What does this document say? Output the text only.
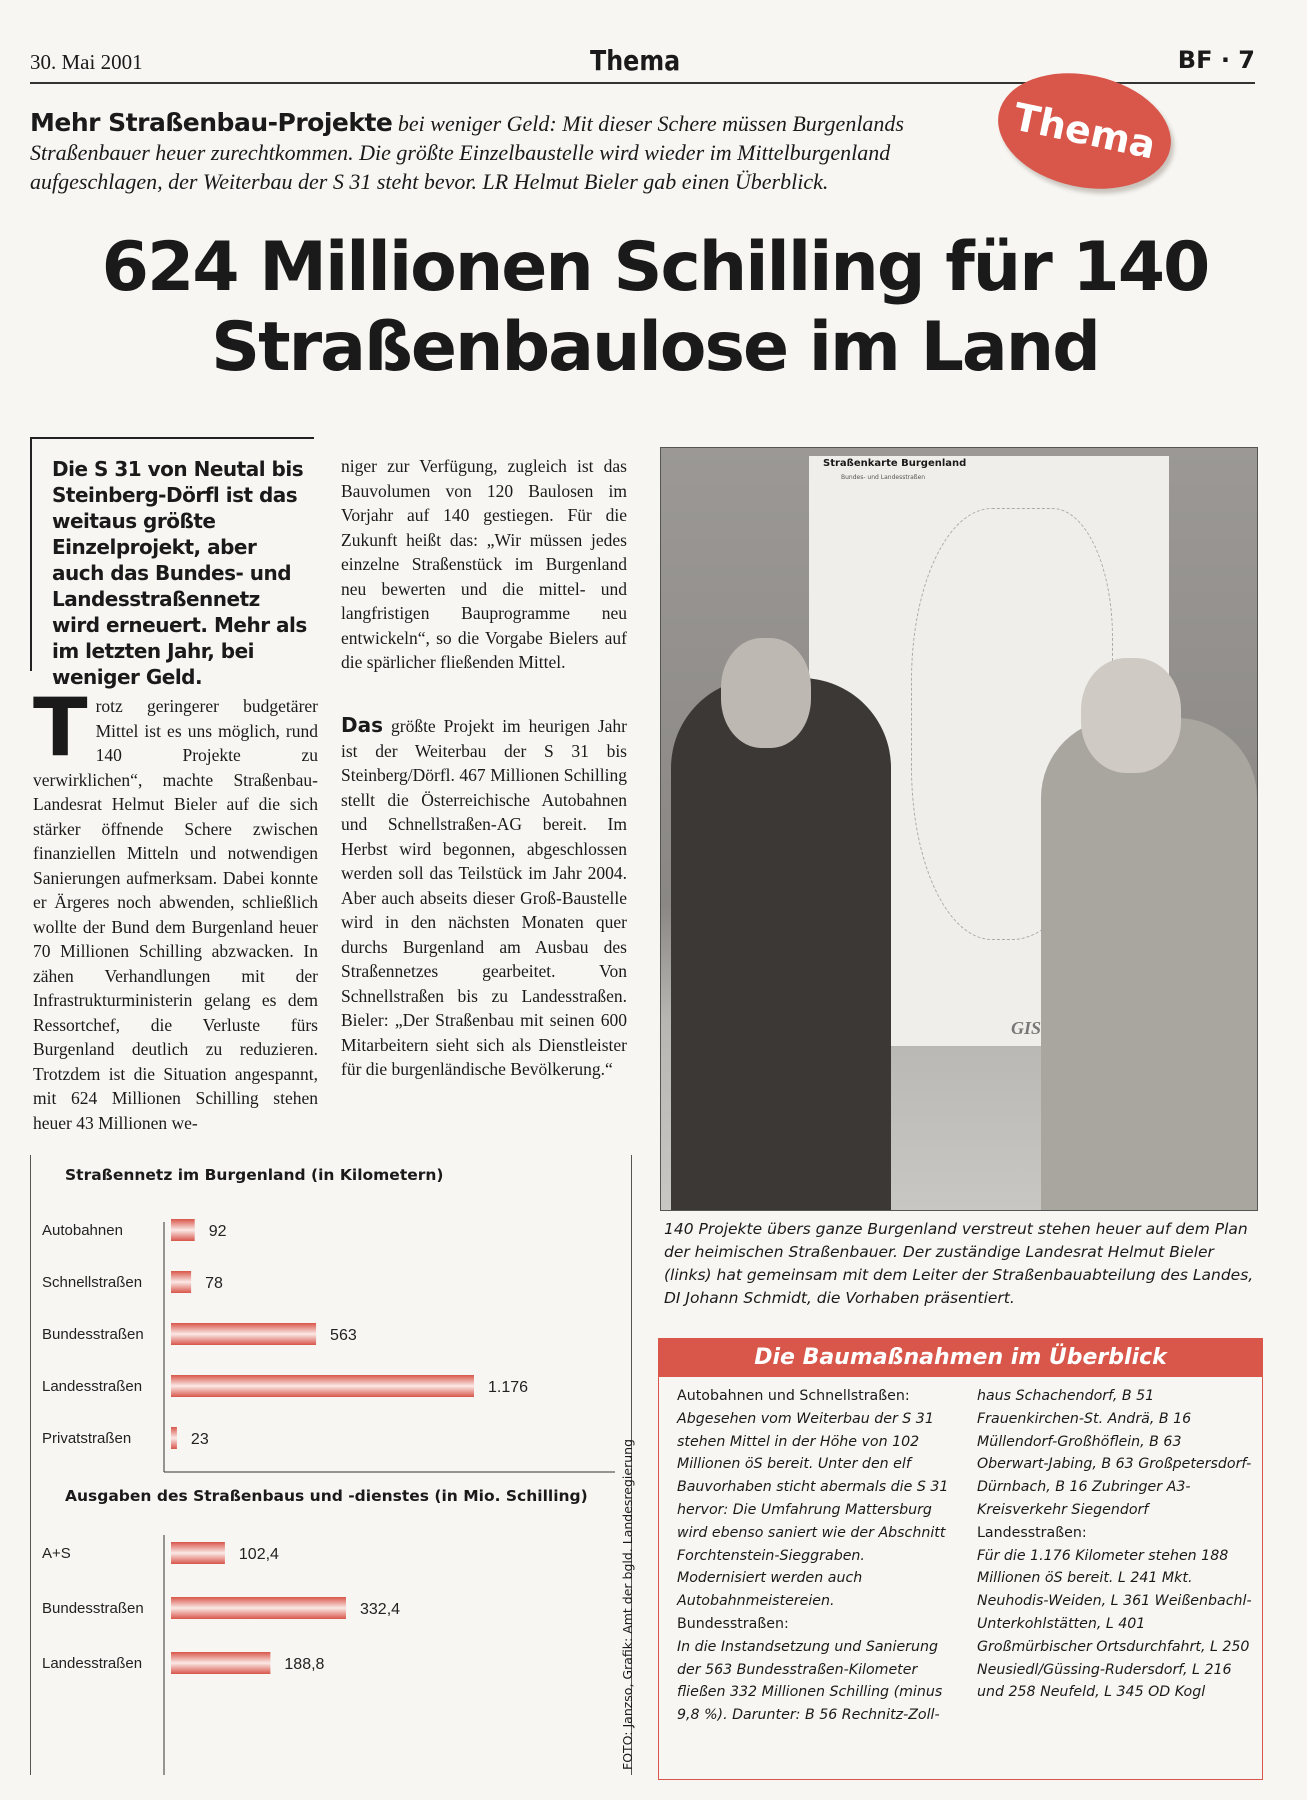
30. Mai 2001	Thema	BF · 7
Thema
Mehr Straßenbau-Projekte bei weniger Geld: Mit dieser Schere müssen Burgenlands Straßenbauer heuer zurechtkommen. Die größte Einzelbaustelle wird wieder im Mittelburgenland aufgeschlagen, der Weiterbau der S 31 steht bevor. LR Helmut Bieler gab einen Überblick.
624 Millionen Schilling für 140
Straßenbaulose im Land
Die S 31 von Neutal bis Steinberg-Dörfl ist das weitaus größte Einzelprojekt, aber auch das Bundes- und Landesstraßennetz wird erneuert. Mehr als im letzten Jahr, bei weniger Geld.
Trotz geringerer budgetärer Mittel ist es uns möglich, rund 140 Projekte zu verwirklichen“, machte Straßenbau-Landesrat Helmut Bieler auf die sich stärker öffnende Schere zwischen finanziellen Mitteln und notwendigen Sanierungen aufmerksam. Dabei konnte er Ärgeres noch abwenden, schließlich wollte der Bund dem Burgenland heuer 70 Millionen Schilling abzwacken. In zähen Verhandlungen mit der Infrastrukturministerin gelang es dem Ressortchef, die Verluste fürs Burgenland deutlich zu reduzieren. Trotzdem ist die Situation angespannt, mit 624 Millionen Schilling stehen heuer 43 Millionen we-
niger zur Verfügung, zugleich ist das Bauvolumen von 120 Baulosen im Vorjahr auf 140 gestiegen. Für die Zukunft heißt das: „Wir müssen jedes einzelne Straßenstück im Burgenland neu bewerten und die mittel- und langfristigen Bauprogramme neu entwickeln“, so die Vorgabe Bielers auf die spärlicher fließenden Mittel.
Das größte Projekt im heurigen Jahr ist der Weiterbau der S 31 bis Steinberg/Dörfl. 467 Millionen Schilling stellt die Österreichische Autobahnen und Schnellstraßen-AG bereit. Im Herbst wird begonnen, abgeschlossen werden soll das Teilstück im Jahr 2004. Aber auch abseits dieser Groß-Baustelle wird in den nächsten Monaten quer durchs Burgenland am Ausbau des Straßennetzes gearbeitet. Von Schnellstraßen bis zu Landesstraßen. Bieler: „Der Straßenbau mit seinen 600 Mitarbeitern sieht sich als Dienstleister für die burgenländische Bevölkerung.“
Straßenkarte Burgenland
Bundes- und Landesstraßen
GIS
140 Projekte übers ganze Burgenland verstreut stehen heuer auf dem Plan der heimischen Straßenbauer. Der zuständige Landesrat Helmut Bieler (links) hat gemeinsam mit dem Leiter der Straßenbauabteilung des Landes, DI Johann Schmidt, die Vorhaben präsentiert.
Straßennetz im Burgenland (in Kilometern)
Ausgaben des Straßenbaus und -dienstes (in Mio. Schilling)
Autobahnen	92
Schnellstraßen	78
Bundesstraßen	563
Landesstraßen	1.176
Privatstraßen	23
A+S	102,4
Bundesstraßen	332,4
Landesstraßen	188,8	FOTO: Janzso, Grafik: Amt der bgld. Landesregierung
Die Baumaßnahmen im Überblick
Autobahnen und Schnellstraßen: Abgesehen vom Weiterbau der S 31 stehen Mittel in der Höhe von 102 Millionen öS bereit. Unter den elf Bauvorhaben sticht abermals die S 31 hervor: Die Umfahrung Mattersburg wird ebenso saniert wie der Abschnitt Forchtenstein-Sieggraben. Modernisiert werden auch Autobahnmeistereien.
Bundesstraßen:
In die Instandsetzung und Sanierung der 563 Bundesstraßen-Kilometer fließen 332 Millionen Schilling (minus 9,8 %). Darunter: B 56 Rechnitz-Zoll-
haus Schachendorf, B 51 Frauenkirchen-St. Andrä, B 16 Müllendorf-Großhöflein, B 63 Oberwart-Jabing, B 63 Großpetersdorf-Dürnbach, B 16 Zubringer A3-Kreisverkehr Siegendorf
Landesstraßen:
Für die 1.176 Kilometer stehen 188 Millionen öS bereit. L 241 Mkt. Neuhodis-Weiden, L 361 Weißenbachl-Unterkohlstätten, L 401 Großmürbischer Ortsdurchfahrt, L 250 Neusiedl/Güssing-Rudersdorf, L 216 und 258 Neufeld, L 345 OD Kogl
